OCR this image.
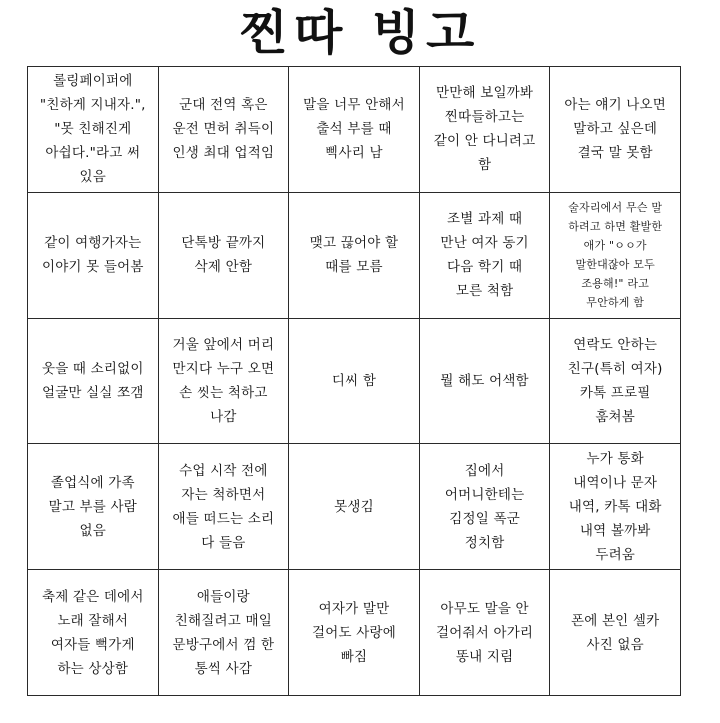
찐따 빙고
롤링페이퍼에
"친하게 지내자.",
"못 친해진게
아쉽다."라고 써
있음
군대 전역 혹은
운전 면허 취득이
인생 최대 업적임
말을 너무 안해서
출석 부를 때
삑사리 남
만만해 보일까봐
찐따들하고는
같이 안 다니려고
함
아는 얘기 나오면
말하고 싶은데
결국 말 못함
같이 여행가자는
이야기 못 들어봄
단톡방 끝까지
삭제 안함
맺고 끊어야 할
때를 모름
조별 과제 때
만난 여자 동기
다음 학기 때
모른 척함
술자리에서 무슨 말
하려고 하면 활발한
애가 "ㅇㅇ가
말한대잖아 모두
조용해!" 라고
무안하게 함
웃을 때 소리없이
얼굴만 실실 쪼갬
거울 앞에서 머리
만지다 누구 오면
손 씻는 척하고
나감
디씨 함	뭘 해도 어색함
연락도 안하는
친구(특히 여자)
카톡 프로필
훔쳐봄
졸업식에 가족
말고 부를 사람
없음
수업 시작 전에
자는 척하면서
애들 떠드는 소리
다 들음
못생김
집에서
어머니한테는
김정일 폭군
정치함
누가 통화
내역이나 문자
내역, 카톡 대화
내역 볼까봐
두려움
축제 같은 데에서
노래 잘해서
여자들 뻑가게
하는 상상함
애들이랑
친해질려고 매일
문방구에서 껌 한
통씩 사감
여자가 말만
걸어도 사랑에
빠짐
아무도 말을 안
걸어줘서 아가리
똥내 지림
폰에 본인 셀카
사진 없음
